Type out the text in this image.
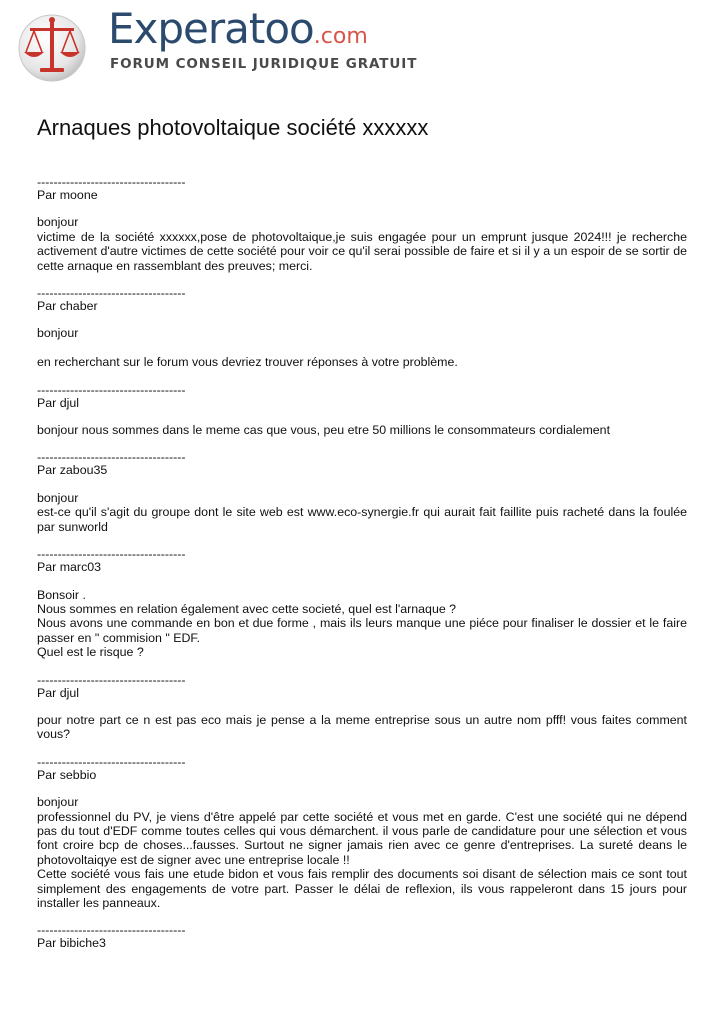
Experatoo.com
FORUM CONSEIL JURIDIQUE GRATUIT
Arnaques photovoltaique société xxxxxx
------------------------------------
Par moone
bonjour
victime de la société xxxxxx,pose de photovoltaique,je suis engagée pour un emprunt jusque 2024!!! je recherche activement d'autre victimes de cette société pour voir ce qu'il serai possible de faire et si il y a un espoir de se sortir de cette arnaque en rassemblant des preuves; merci.
------------------------------------
Par chaber
bonjour

en recherchant sur le forum vous devriez trouver réponses à votre problème.
------------------------------------
Par djul
bonjour nous sommes dans le meme cas que vous, peu etre 50 millions le consommateurs cordialement
------------------------------------
Par zabou35
bonjour
est-ce qu'il s'agit du groupe dont le site web est www.eco-synergie.fr qui aurait fait faillite puis racheté dans la foulée par sunworld
------------------------------------
Par marc03
Bonsoir .
Nous sommes en relation également avec cette societé, quel est l'arnaque ?
Nous avons une commande en bon et due forme , mais ils leurs manque une piéce pour finaliser le dossier et le faire passer en " commision " EDF.
Quel est le risque ?
------------------------------------
Par djul
pour notre part ce n est pas eco mais je pense a la meme entreprise sous un autre nom pfff! vous faites comment vous?
------------------------------------
Par sebbio
bonjour
professionnel du PV, je viens d'être appelé par cette société et vous met en garde. C'est une société qui ne dépend pas du tout d'EDF comme toutes celles qui vous démarchent. il vous parle de candidature pour une sélection et vous font croire bcp de choses...fausses. Surtout ne signer jamais rien avec ce genre d'entreprises. La sureté deans le photovoltaiqye est de signer avec une entreprise locale !!
Cette société vous fais une etude bidon et vous fais remplir des documents soi disant de sélection mais ce sont tout simplement des engagements de votre part. Passer le délai de reflexion, ils vous rappeleront dans 15 jours pour installer les panneaux.
------------------------------------
Par bibiche3
